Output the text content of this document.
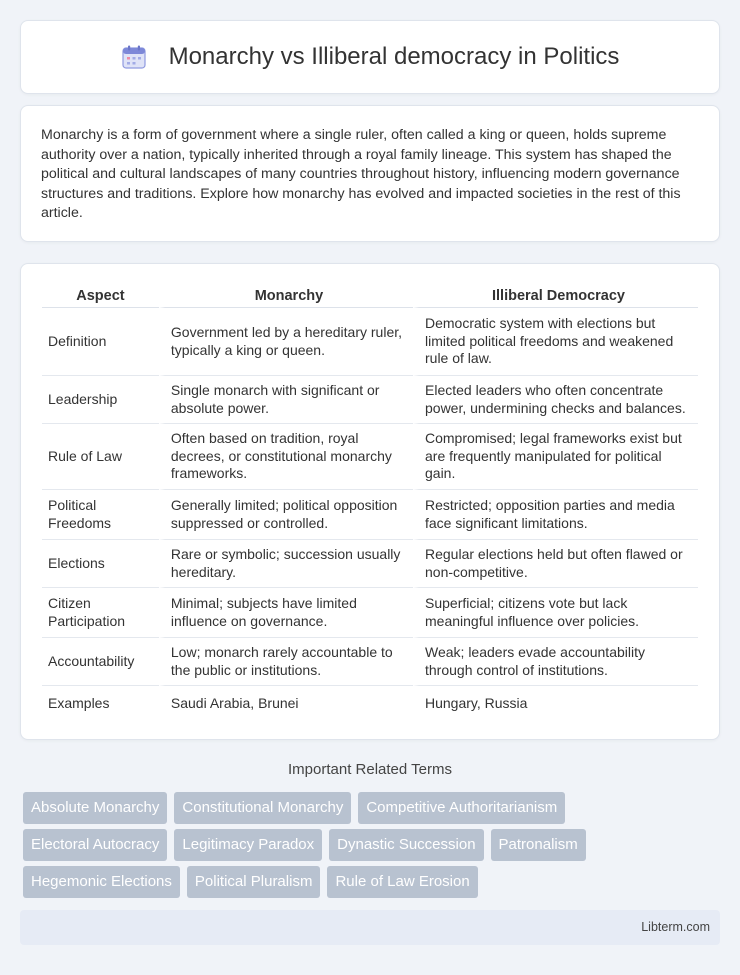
Monarchy vs Illiberal democracy in Politics

Monarchy is a form of government where a single ruler, often called a king or queen, holds supreme authority over a nation, typically inherited through a royal family lineage. This system has shaped the political and cultural landscapes of many countries throughout history, influencing modern governance structures and traditions. Explore how monarchy has evolved and impacted societies in the rest of this article.

Aspect	Monarchy	Illiberal Democracy
Definition	Government led by a hereditary ruler, typically a king or queen.	Democratic system with elections but limited political freedoms and weakened rule of law.
Leadership	Single monarch with significant or absolute power.	Elected leaders who often concentrate power, undermining checks and balances.
Rule of Law	Often based on tradition, royal decrees, or constitutional monarchy frameworks.	Compromised; legal frameworks exist but are frequently manipulated for political gain.
Political Freedoms	Generally limited; political opposition suppressed or controlled.	Restricted; opposition parties and media face significant limitations.
Elections	Rare or symbolic; succession usually hereditary.	Regular elections held but often flawed or non-competitive.
Citizen Participation	Minimal; subjects have limited influence on governance.	Superficial; citizens vote but lack meaningful influence over policies.
Accountability	Low; monarch rarely accountable to the public or institutions.	Weak; leaders evade accountability through control of institutions.
Examples	Saudi Arabia, Brunei	Hungary, Russia
Important Related Terms
Absolute Monarchy	Constitutional Monarchy	Competitive Authoritarianism
Electoral Autocracy	Legitimacy Paradox	Dynastic Succession	Patronalism
Hegemonic Elections	Political Pluralism	Rule of Law Erosion
Libterm.com
